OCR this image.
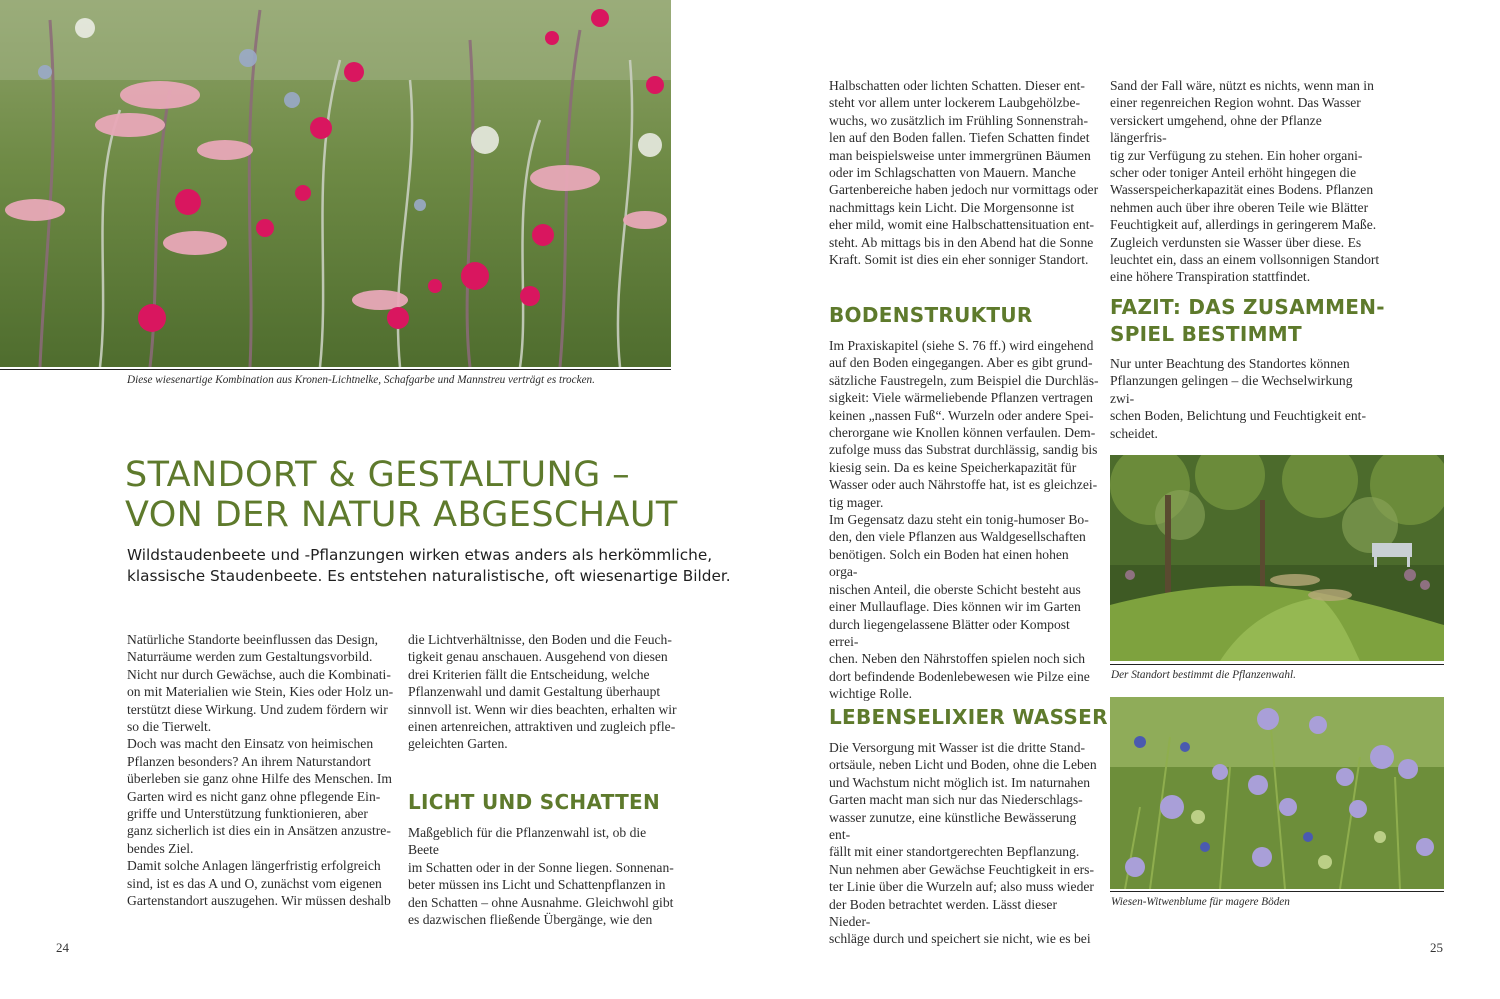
Diese wiesenartige Kombination aus Kronen-Lichtnelke, Schafgarbe und Mannstreu verträgt es trocken.
STANDORT & GESTALTUNG –
VON DER NATUR ABGESCHAUT
Wildstaudenbeete und -Pflanzungen wirken etwas anders als herkömmliche,
klassische Staudenbeete. Es entstehen naturalistische, oft wiesenartige Bilder.

Natürliche Standorte beeinflussen das Design,

Naturräume werden zum Gestaltungsvorbild.

Nicht nur durch Gewächse, auch die Kombinati-

on mit Materialien wie Stein, Kies oder Holz un-

terstützt diese Wirkung. Und zudem fördern wir

so die Tierwelt.

Doch was macht den Einsatz von heimischen

Pflanzen besonders? An ihrem Naturstandort

überleben sie ganz ohne Hilfe des Menschen. Im

Garten wird es nicht ganz ohne pflegende Ein-

griffe und Unterstützung funktionieren, aber

ganz sicherlich ist dies ein in Ansätzen anzustre-

bendes Ziel.

Damit solche Anlagen längerfristig erfolgreich

sind, ist es das A und O, zunächst vom eigenen

Gartenstandort auszugehen. Wir müssen deshalb

die Lichtverhältnisse, den Boden und die Feuch-

tigkeit genau anschauen. Ausgehend von diesen

drei Kriterien fällt die Entscheidung, welche

Pflanzenwahl und damit Gestaltung überhaupt

sinnvoll ist. Wenn wir dies beachten, erhalten wir

einen artenreichen, attraktiven und zugleich pfle-

geleichten Garten.

LICHT UND SCHATTEN

Maßgeblich für die Pflanzenwahl ist, ob die Beete

im Schatten oder in der Sonne liegen. Sonnenan-

beter müssen ins Licht und Schattenpflanzen in

den Schatten – ohne Ausnahme. Gleichwohl gibt

es dazwischen fließende Übergänge, wie den

24

Halbschatten oder lichten Schatten. Dieser ent-

steht vor allem unter lockerem Laubgehölzbe-

wuchs, wo zusätzlich im Frühling Sonnenstrah-

len auf den Boden fallen. Tiefen Schatten findet

man beispielsweise unter immergrünen Bäumen

oder im Schlagschatten von Mauern. Manche

Gartenbereiche haben jedoch nur vormittags oder

nachmittags kein Licht. Die Morgensonne ist

eher mild, womit eine Halbschattensituation ent-

steht. Ab mittags bis in den Abend hat die Sonne

Kraft. Somit ist dies ein eher sonniger Standort.

BODENSTRUKTUR

Im Praxiskapitel (siehe S. 76 ff.) wird eingehend

auf den Boden eingegangen. Aber es gibt grund-

sätzliche Faustregeln, zum Beispiel die Durchläs-

sigkeit: Viele wärmeliebende Pflanzen vertragen

keinen „nassen Fuß“. Wurzeln oder andere Spei-

cherorgane wie Knollen können verfaulen. Dem-

zufolge muss das Substrat durchlässig, sandig bis

kiesig sein. Da es keine Speicherkapazität für

Wasser oder auch Nährstoffe hat, ist es gleichzei-

tig mager.

Im Gegensatz dazu steht ein tonig-humoser Bo-

den, den viele Pflanzen aus Waldgesellschaften

benötigen. Solch ein Boden hat einen hohen orga-

nischen Anteil, die oberste Schicht besteht aus

einer Mullauflage. Dies können wir im Garten

durch liegengelassene Blätter oder Kompost errei-

chen. Neben den Nährstoffen spielen noch sich

dort befindende Bodenlebewesen wie Pilze eine

wichtige Rolle.

LEBENSELIXIER WASSER

Die Versorgung mit Wasser ist die dritte Stand-

ortsäule, neben Licht und Boden, ohne die Leben

und Wachstum nicht möglich ist. Im naturnahen

Garten macht man sich nur das Niederschlags-

wasser zunutze, eine künstliche Bewässerung ent-

fällt mit einer standortgerechten Bepflanzung.

Nun nehmen aber Gewächse Feuchtigkeit in ers-

ter Linie über die Wurzeln auf; also muss wieder

der Boden betrachtet werden. Lässt dieser Nieder-

schläge durch und speichert sie nicht, wie es bei

Sand der Fall wäre, nützt es nichts, wenn man in

einer regenreichen Region wohnt. Das Wasser

versickert umgehend, ohne der Pflanze längerfris-

tig zur Verfügung zu stehen. Ein hoher organi-

scher oder toniger Anteil erhöht hingegen die

Wasserspeicherkapazität eines Bodens. Pflanzen

nehmen auch über ihre oberen Teile wie Blätter

Feuchtigkeit auf, allerdings in geringerem Maße.

Zugleich verdunsten sie Wasser über diese. Es

leuchtet ein, dass an einem vollsonnigen Standort

eine höhere Transpiration stattfindet.

FAZIT: DAS ZUSAMMEN-
SPIEL BESTIMMT

Nur unter Beachtung des Standortes können

Pflanzungen gelingen – die Wechselwirkung zwi-

schen Boden, Belichtung und Feuchtigkeit ent-

scheidet.

Der Standort bestimmt die Pflanzenwahl.
Wiesen-Witwenblume für magere Böden
25
